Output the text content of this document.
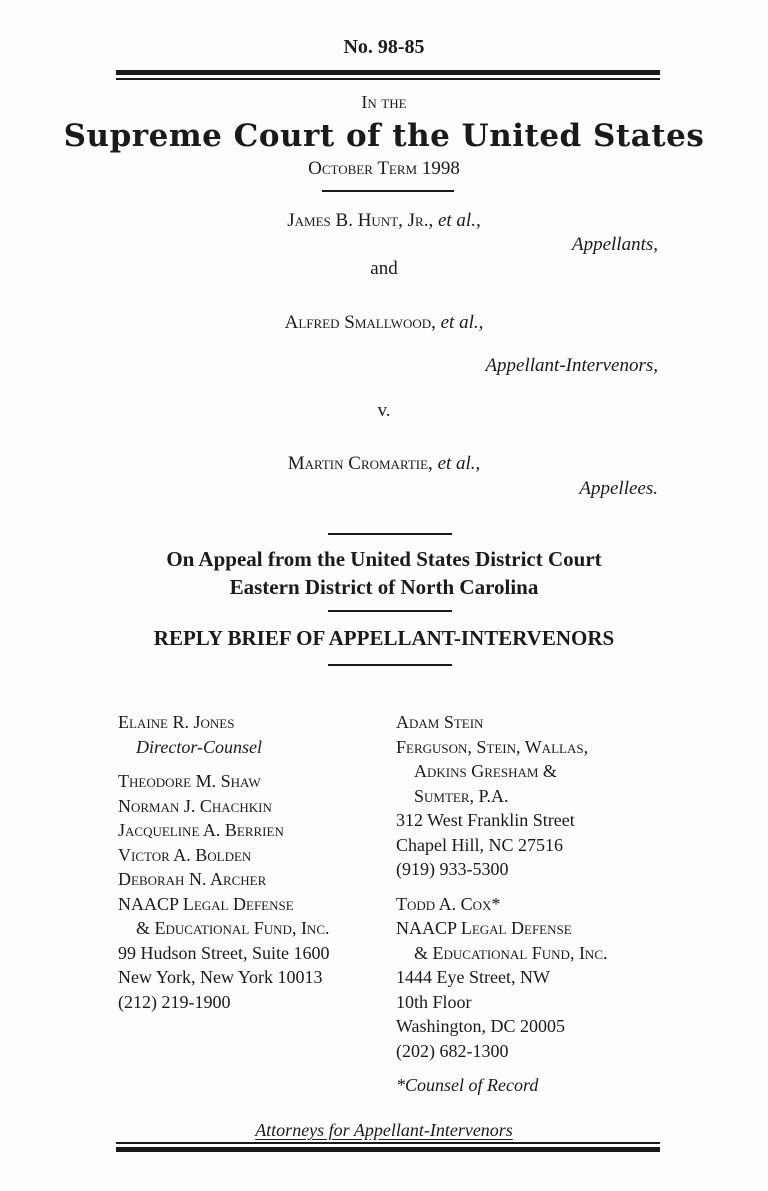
No. 98-85
In the
Supreme Court of the United States
October Term 1998
James B. Hunt, Jr., et al.,
Appellants,
and
Alfred Smallwood, et al.,
Appellant-Intervenors,
v.
Martin Cromartie, et al.,
Appellees.
On Appeal from the United States District Court
Eastern District of North Carolina
REPLY BRIEF OF APPELLANT-INTERVENORS
Elaine R. Jones
Director-Counsel
Theodore M. Shaw
Norman J. Chachkin
Jacqueline A. Berrien
Victor A. Bolden
Deborah N. Archer
NAACP Legal Defense
& Educational Fund, Inc.
99 Hudson Street, Suite 1600
New York, New York 10013
(212) 219-1900
Adam Stein
Ferguson, Stein, Wallas,
Adkins Gresham &
Sumter, P.A.
312 West Franklin Street
Chapel Hill, NC 27516
(919) 933-5300
Todd A. Cox*
NAACP Legal Defense
& Educational Fund, Inc.
1444 Eye Street, NW
10th Floor
Washington, DC 20005
(202) 682-1300
*Counsel of Record
Attorneys for Appellant-Intervenors
